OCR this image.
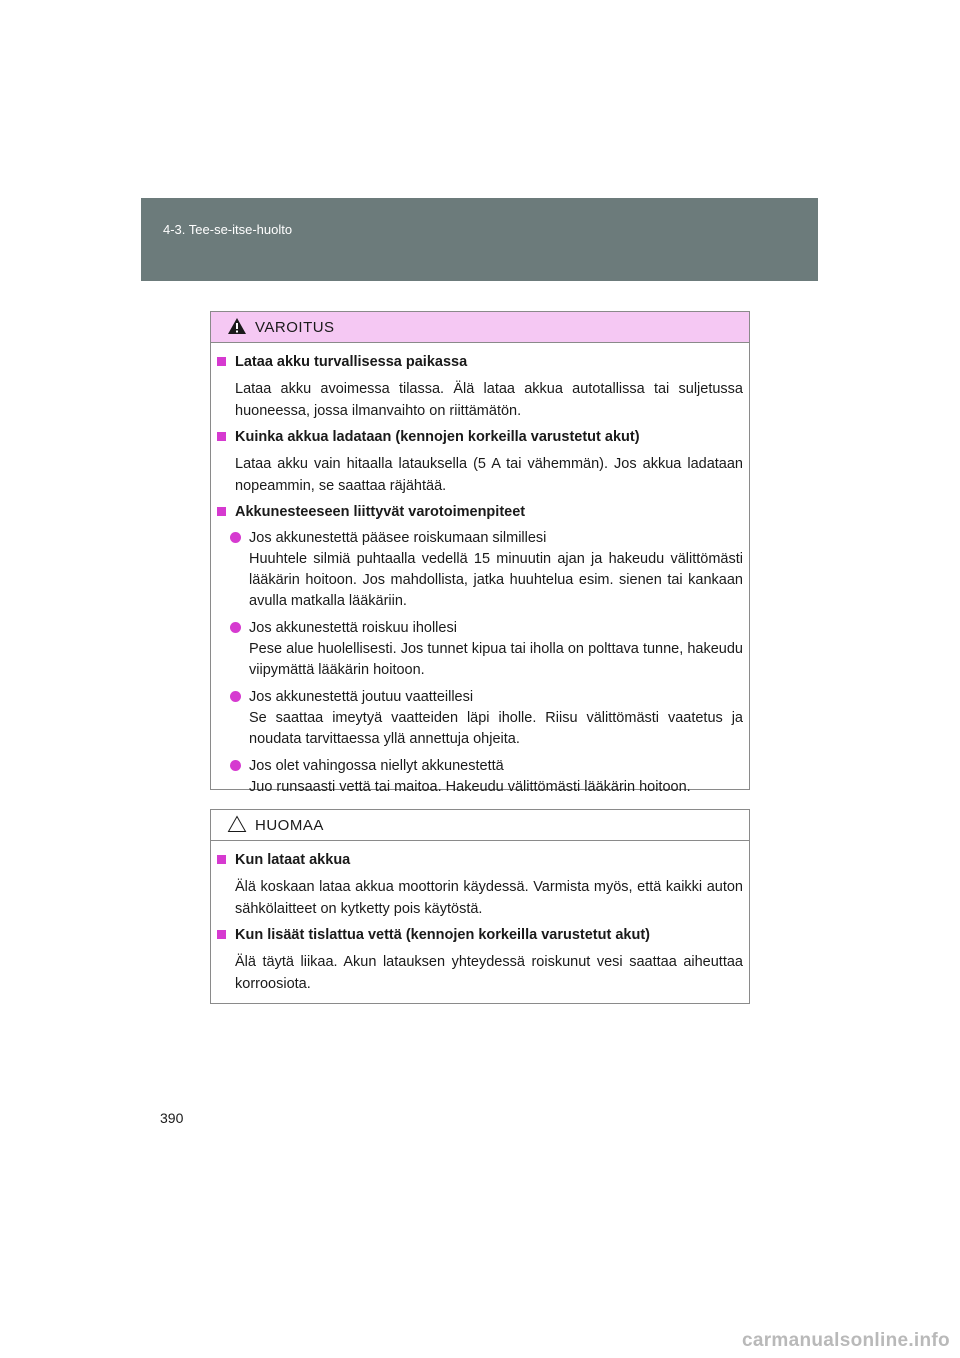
4-3. Tee-se-itse-huolto
VAROITUS
Lataa akku turvallisessa paikassa
Lataa akku avoimessa tilassa. Älä lataa akkua autotallissa tai suljetussa huoneessa, jossa ilmanvaihto on riittämätön.
Kuinka akkua ladataan (kennojen korkeilla varustetut akut)
Lataa akku vain hitaalla latauksella (5 A tai vähemmän). Jos akkua ladataan nopeammin, se saattaa räjähtää.
Akkunesteeseen liittyvät varotoimenpiteet
Jos akkunestettä pääsee roiskumaan silmillesi
Huuhtele silmiä puhtaalla vedellä 15 minuutin ajan ja hakeudu välittömästi lääkärin hoitoon. Jos mahdollista, jatka huuhtelua esim. sienen tai kankaan avulla matkalla lääkäriin.
Jos akkunestettä roiskuu ihollesi
Pese alue huolellisesti. Jos tunnet kipua tai iholla on polttava tunne, hakeudu viipymättä lääkärin hoitoon.
Jos akkunestettä joutuu vaatteillesi
Se saattaa imeytyä vaatteiden läpi iholle. Riisu välittömästi vaatetus ja noudata tarvittaessa yllä annettuja ohjeita.
Jos olet vahingossa niellyt akkunestettä
Juo runsaasti vettä tai maitoa. Hakeudu välittömästi lääkärin hoitoon.
HUOMAA
Kun lataat akkua
Älä koskaan lataa akkua moottorin käydessä. Varmista myös, että kaikki auton sähkölaitteet on kytketty pois käytöstä.
Kun lisäät tislattua vettä (kennojen korkeilla varustetut akut)
Älä täytä liikaa. Akun latauksen yhteydessä roiskunut vesi saattaa aiheuttaa korroosiota.
390
carmanualsonline.info
